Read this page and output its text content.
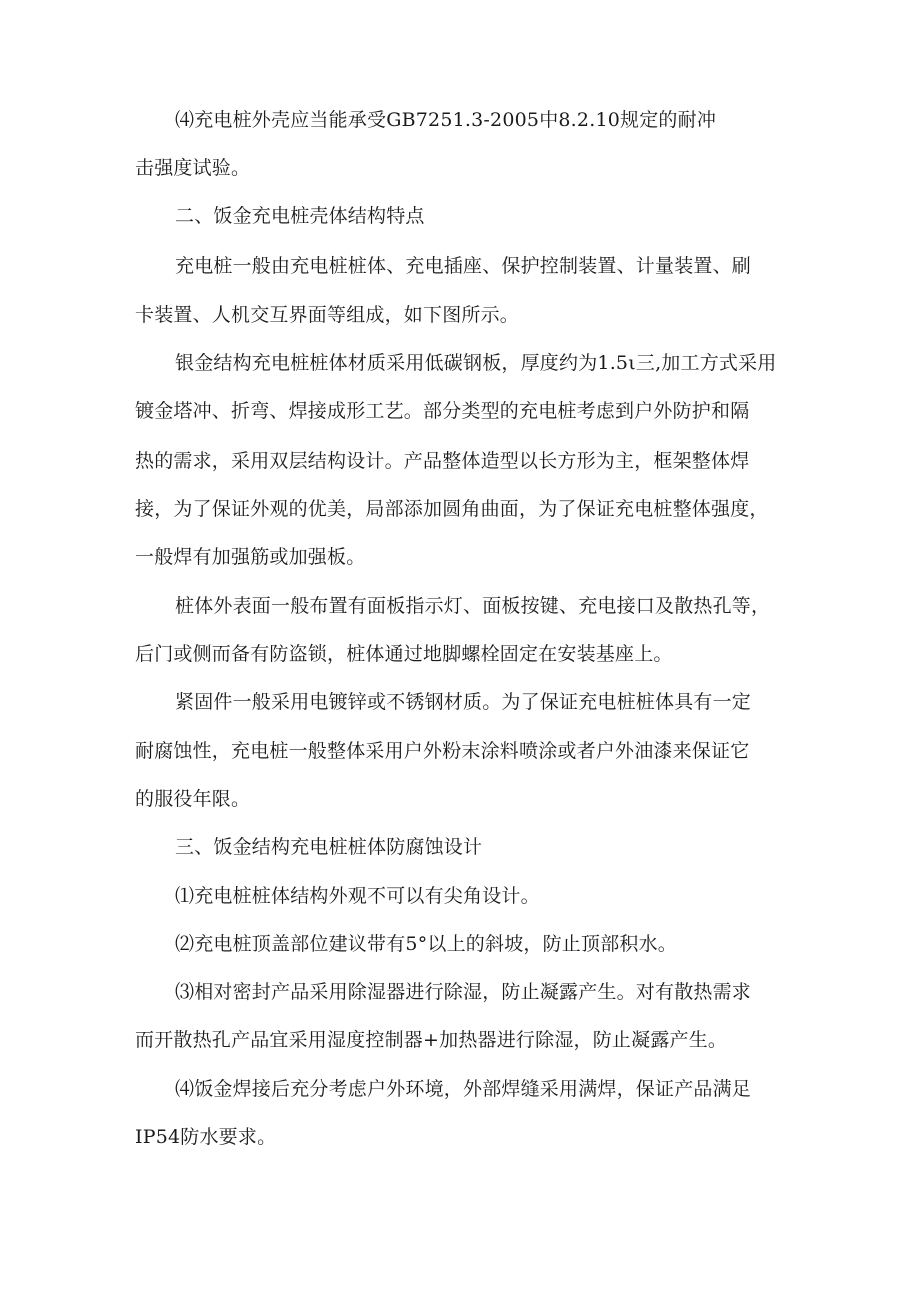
⑷充电桩外壳应当能承受GB7251.3-2005中8.2.10规定的耐冲
击强度试验。
二、饭金充电桩壳体结构特点
充电桩一般由充电桩桩体、充电插座、保护控制装置、计量装置、刷
卡装置、人机交互界面等组成，如下图所示。
银金结构充电桩桩体材质采用低碳钢板，厚度约为1.5ι三,加工方式采用
镀金塔冲、折弯、焊接成形工艺。部分类型的充电桩考虑到户外防护和隔
热的需求，采用双层结构设计。产品整体造型以长方形为主，框架整体焊
接，为了保证外观的优美，局部添加圆角曲面，为了保证充电桩整体强度，
一般焊有加强筋或加强板。
桩体外表面一般布置有面板指示灯、面板按键、充电接口及散热孔等，
后门或侧而备有防盗锁，桩体通过地脚螺栓固定在安装基座上。
紧固件一般采用电镀锌或不锈钢材质。为了保证充电桩桩体具有一定
耐腐蚀性，充电桩一般整体采用户外粉末涂料喷涂或者户外油漆来保证它
的服役年限。
三、饭金结构充电桩桩体防腐蚀设计
⑴充电桩桩体结构外观不可以有尖角设计。
⑵充电桩顶盖部位建议带有5°以上的斜坡，防止顶部积水。
⑶相对密封产品采用除湿器进行除湿，防止凝露产生。对有散热需求
而开散热孔产品宜采用湿度控制器+加热器进行除湿，防止凝露产生。
⑷饭金焊接后充分考虑户外环境，外部焊缝采用满焊，保证产品满足
IP54防水要求。
